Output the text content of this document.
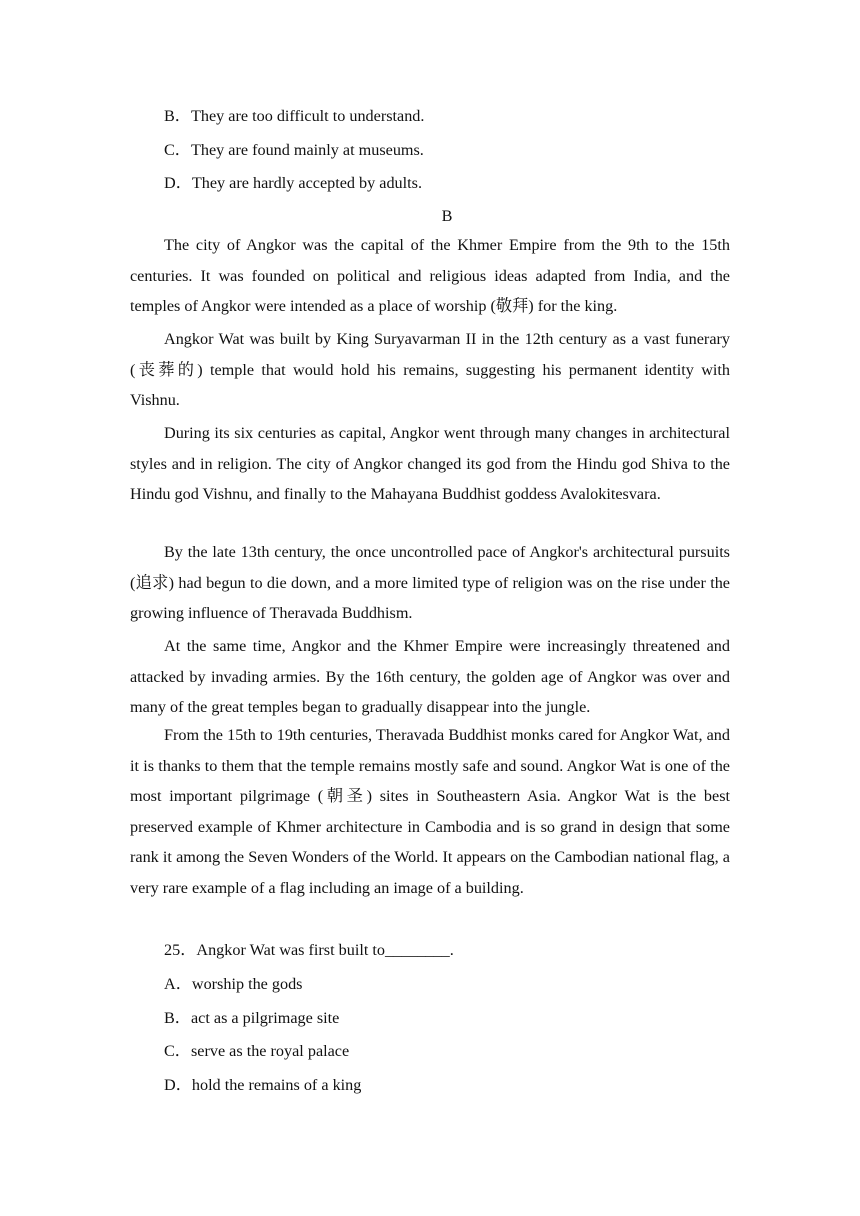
B．They are too difficult to understand.
C．They are found mainly at museums.
D．They are hardly accepted by adults.
B
The city of Angkor was the capital of the Khmer Empire from the 9th to the 15th centuries. It was founded on political and religious ideas adapted from India, and the temples of Angkor were intended as a place of worship (敬拜) for the king.
Angkor Wat was built by King Suryavarman II in the 12th century as a vast funerary (丧葬的) temple that would hold his remains, suggesting his permanent identity with Vishnu.
During its six centuries as capital, Angkor went through many changes in architectural styles and in religion. The city of Angkor changed its god from the Hindu god Shiva to the Hindu god Vishnu, and finally to the Mahayana Buddhist goddess Avalokitesvara.
By the late 13th century, the once uncontrolled pace of Angkor's architectural pursuits (追求) had begun to die down, and a more limited type of religion was on the rise under the growing influence of Theravada Buddhism.
At the same time, Angkor and the Khmer Empire were increasingly threatened and attacked by invading armies. By the 16th century, the golden age of Angkor was over and many of the great temples began to gradually disappear into the jungle.
From the 15th to 19th centuries, Theravada Buddhist monks cared for Angkor Wat, and it is thanks to them that the temple remains mostly safe and sound. Angkor Wat is one of the most important pilgrimage (朝圣) sites in Southeastern Asia. Angkor Wat is the best preserved example of Khmer architecture in Cambodia and is so grand in design that some rank it among the Seven Wonders of the World. It appears on the Cambodian national flag, a very rare example of a flag including an image of a building.
25．Angkor Wat was first built to________.
A．worship the gods
B．act as a pilgrimage site
C．serve as the royal palace
D．hold the remains of a king
